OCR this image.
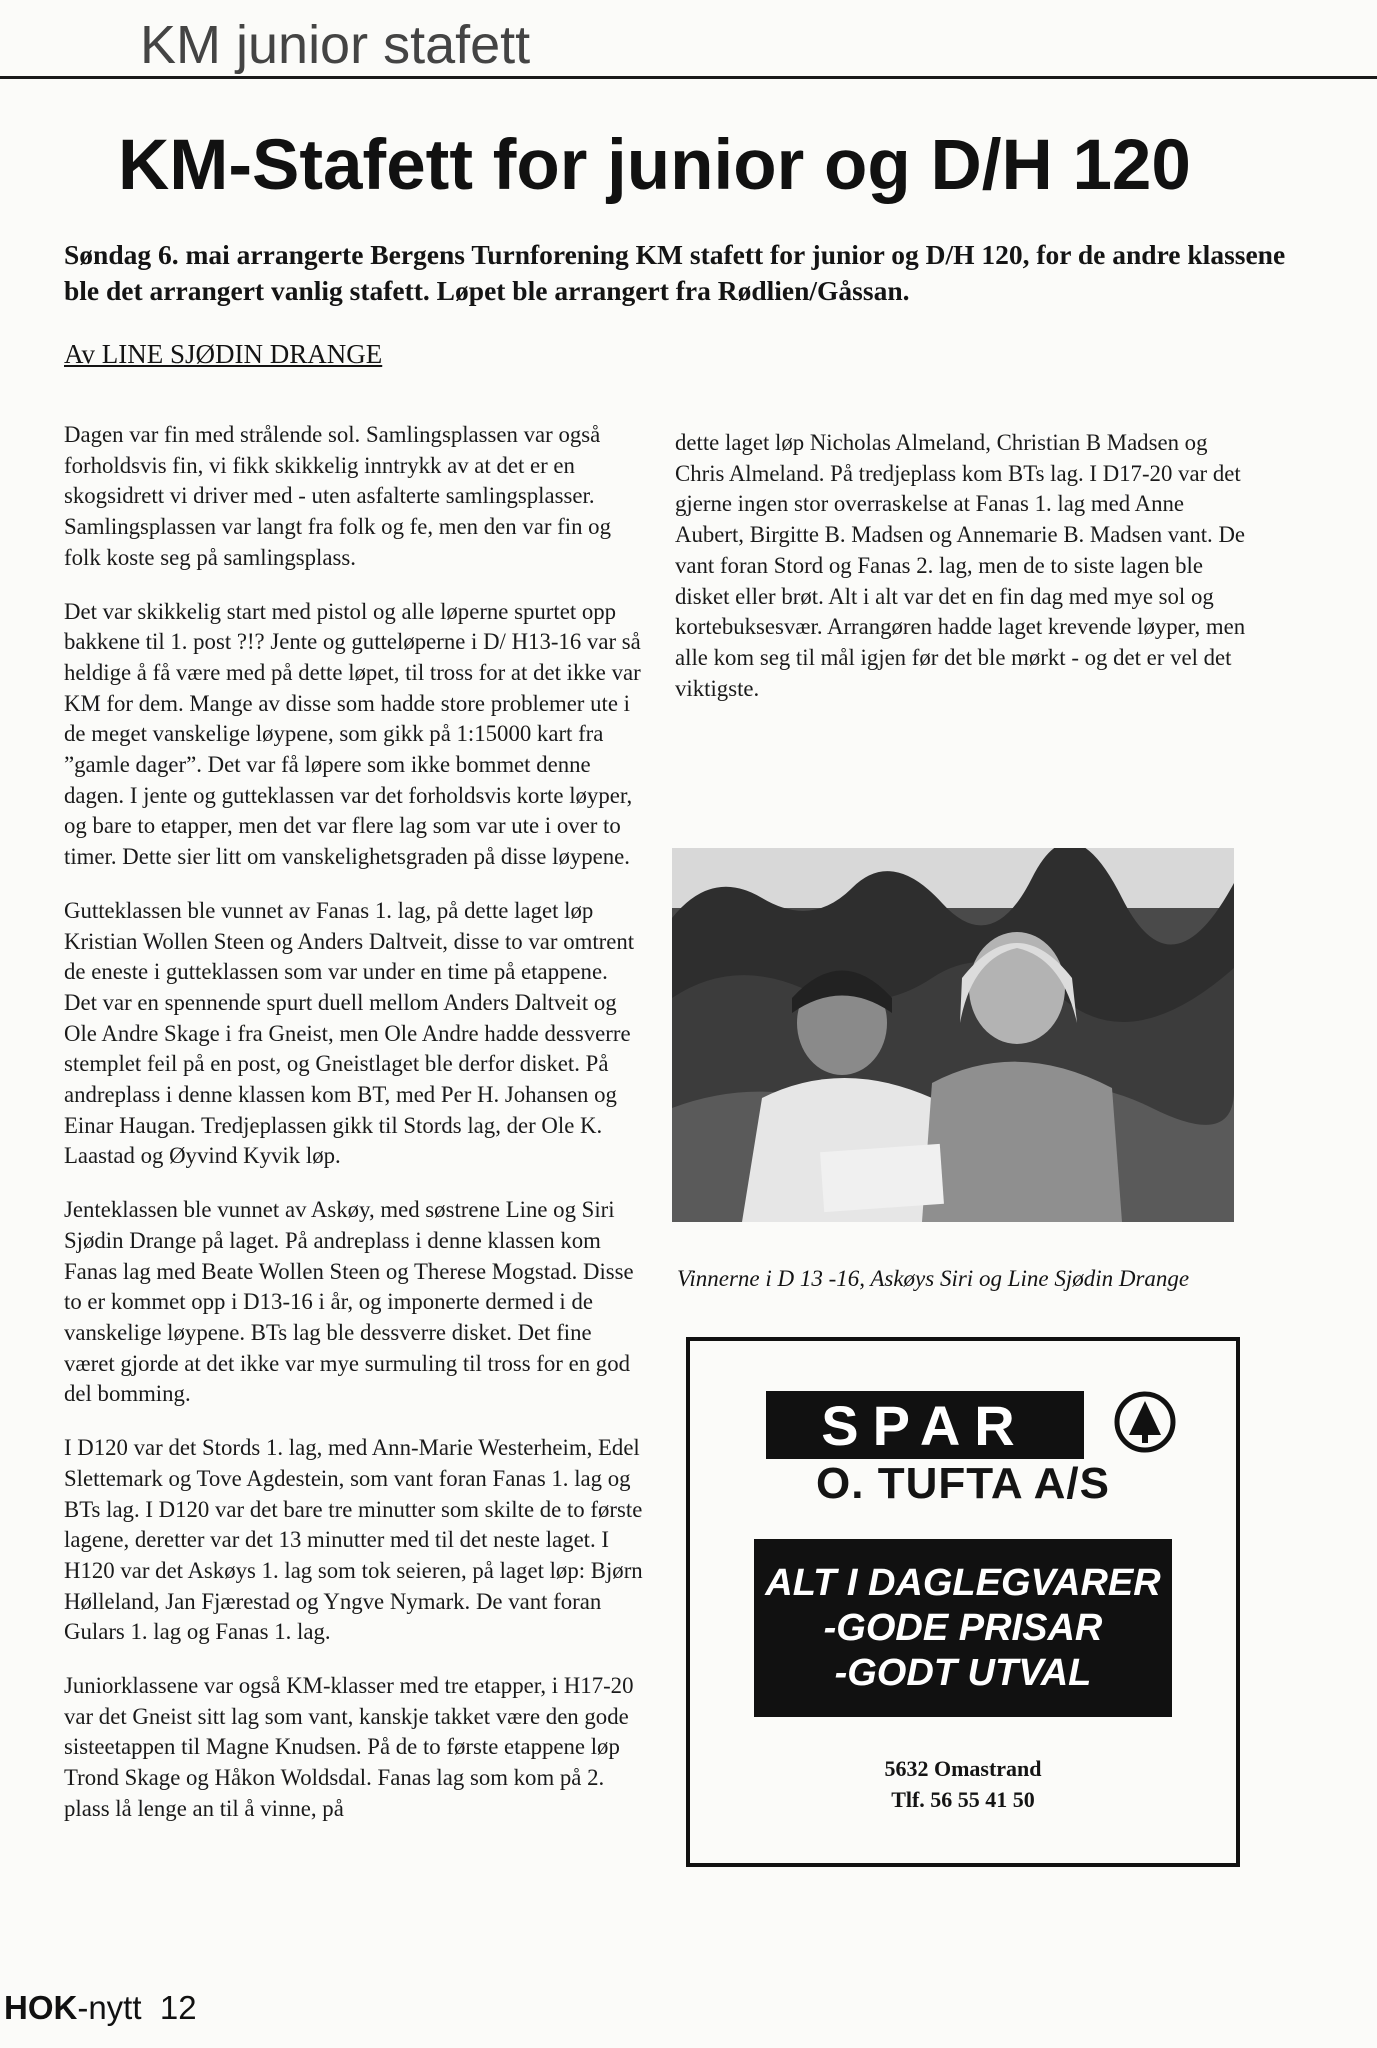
KM junior stafett
KM-Stafett for junior og D/H 120

Søndag 6. mai arrangerte Bergens Turnforening KM stafett for junior og D/H 120, for de andre klassene ble det arrangert vanlig stafett. Løpet ble arrangert fra Rødlien/Gåssan.

Av LINE SJØDIN DRANGE

Dagen var fin med strålende sol. Samlingsplassen var også forholdsvis fin, vi fikk skikkelig inntrykk av at det er en skogsidrett vi driver med - uten asfalterte samlingsplasser. Samlingsplassen var langt fra folk og fe, men den var fin og folk koste seg på samlingsplass.

Det var skikkelig start med pistol og alle løperne spurtet opp bakkene til 1. post ?!? Jente og gutteløperne i D/ H13-16 var så heldige å få være med på dette løpet, til tross for at det ikke var KM for dem. Mange av disse som hadde store problemer ute i de meget vanskelige løypene, som gikk på 1:15000 kart fra ”gamle dager”. Det var få løpere som ikke bommet denne dagen. I jente og gutteklassen var det forholdsvis korte løyper, og bare to etapper, men det var flere lag som var ute i over to timer. Dette sier litt om vanskelighetsgraden på disse løypene.

Gutteklassen ble vunnet av Fanas 1. lag, på dette laget løp Kristian Wollen Steen og Anders Daltveit, disse to var omtrent de eneste i gutteklassen som var under en time på etappene. Det var en spennende spurt duell mellom Anders Daltveit og Ole Andre Skage i fra Gneist, men Ole Andre hadde dessverre stemplet feil på en post, og Gneistlaget ble derfor disket. På andreplass i denne klassen kom BT, med Per H. Johansen og Einar Haugan. Tredjeplassen gikk til Stords lag, der Ole K. Laastad og Øyvind Kyvik løp.

Jenteklassen ble vunnet av Askøy, med søstrene Line og Siri Sjødin Drange på laget. På andreplass i denne klassen kom Fanas lag med Beate Wollen Steen og Therese Mogstad. Disse to er kommet opp i D13-16 i år, og imponerte dermed i de vanskelige løypene. BTs lag ble dessverre disket. Det fine været gjorde at det ikke var mye surmuling til tross for en god del bomming.

I D120 var det Stords 1. lag, med Ann-Marie Westerheim, Edel Slettemark og Tove Agdestein, som vant foran Fanas 1. lag og BTs lag. I D120 var det bare tre minutter som skilte de to første lagene, deretter var det 13 minutter med til det neste laget. I H120 var det Askøys 1. lag som tok seieren, på laget løp: Bjørn Hølleland, Jan Fjærestad og Yngve Nymark. De vant foran Gulars 1. lag og Fanas 1. lag.

Juniorklassene var også KM-klasser med tre etapper, i H17-20 var det Gneist sitt lag som vant, kanskje takket være den gode sisteetappen til Magne Knudsen. På de to første etappene løp Trond Skage og Håkon Woldsdal. Fanas lag som kom på 2. plass lå lenge an til å vinne, på

dette laget løp Nicholas Almeland, Christian B Madsen og Chris Almeland. På tredjeplass kom BTs lag. I D17-20 var det gjerne ingen stor overraskelse at Fanas 1. lag med Anne Aubert, Birgitte B. Madsen og Annemarie B. Madsen vant. De vant foran Stord og Fanas 2. lag, men de to siste lagen ble disket eller brøt. Alt i alt var det en fin dag med mye sol og kortebuksesvær. Arrangøren hadde laget krevende løyper, men alle kom seg til mål igjen før det ble mørkt - og det er vel det viktigste.

Vinnerne i D 13 -16, Askøys Siri og Line Sjødin Drange
SPAR
O. TUFTA A/S
ALT I DAGLEGVARER
-GODE PRISAR
-GODT UTVAL
5632 Omastrand
Tlf. 56 55 41 50
HOK-nytt 12
